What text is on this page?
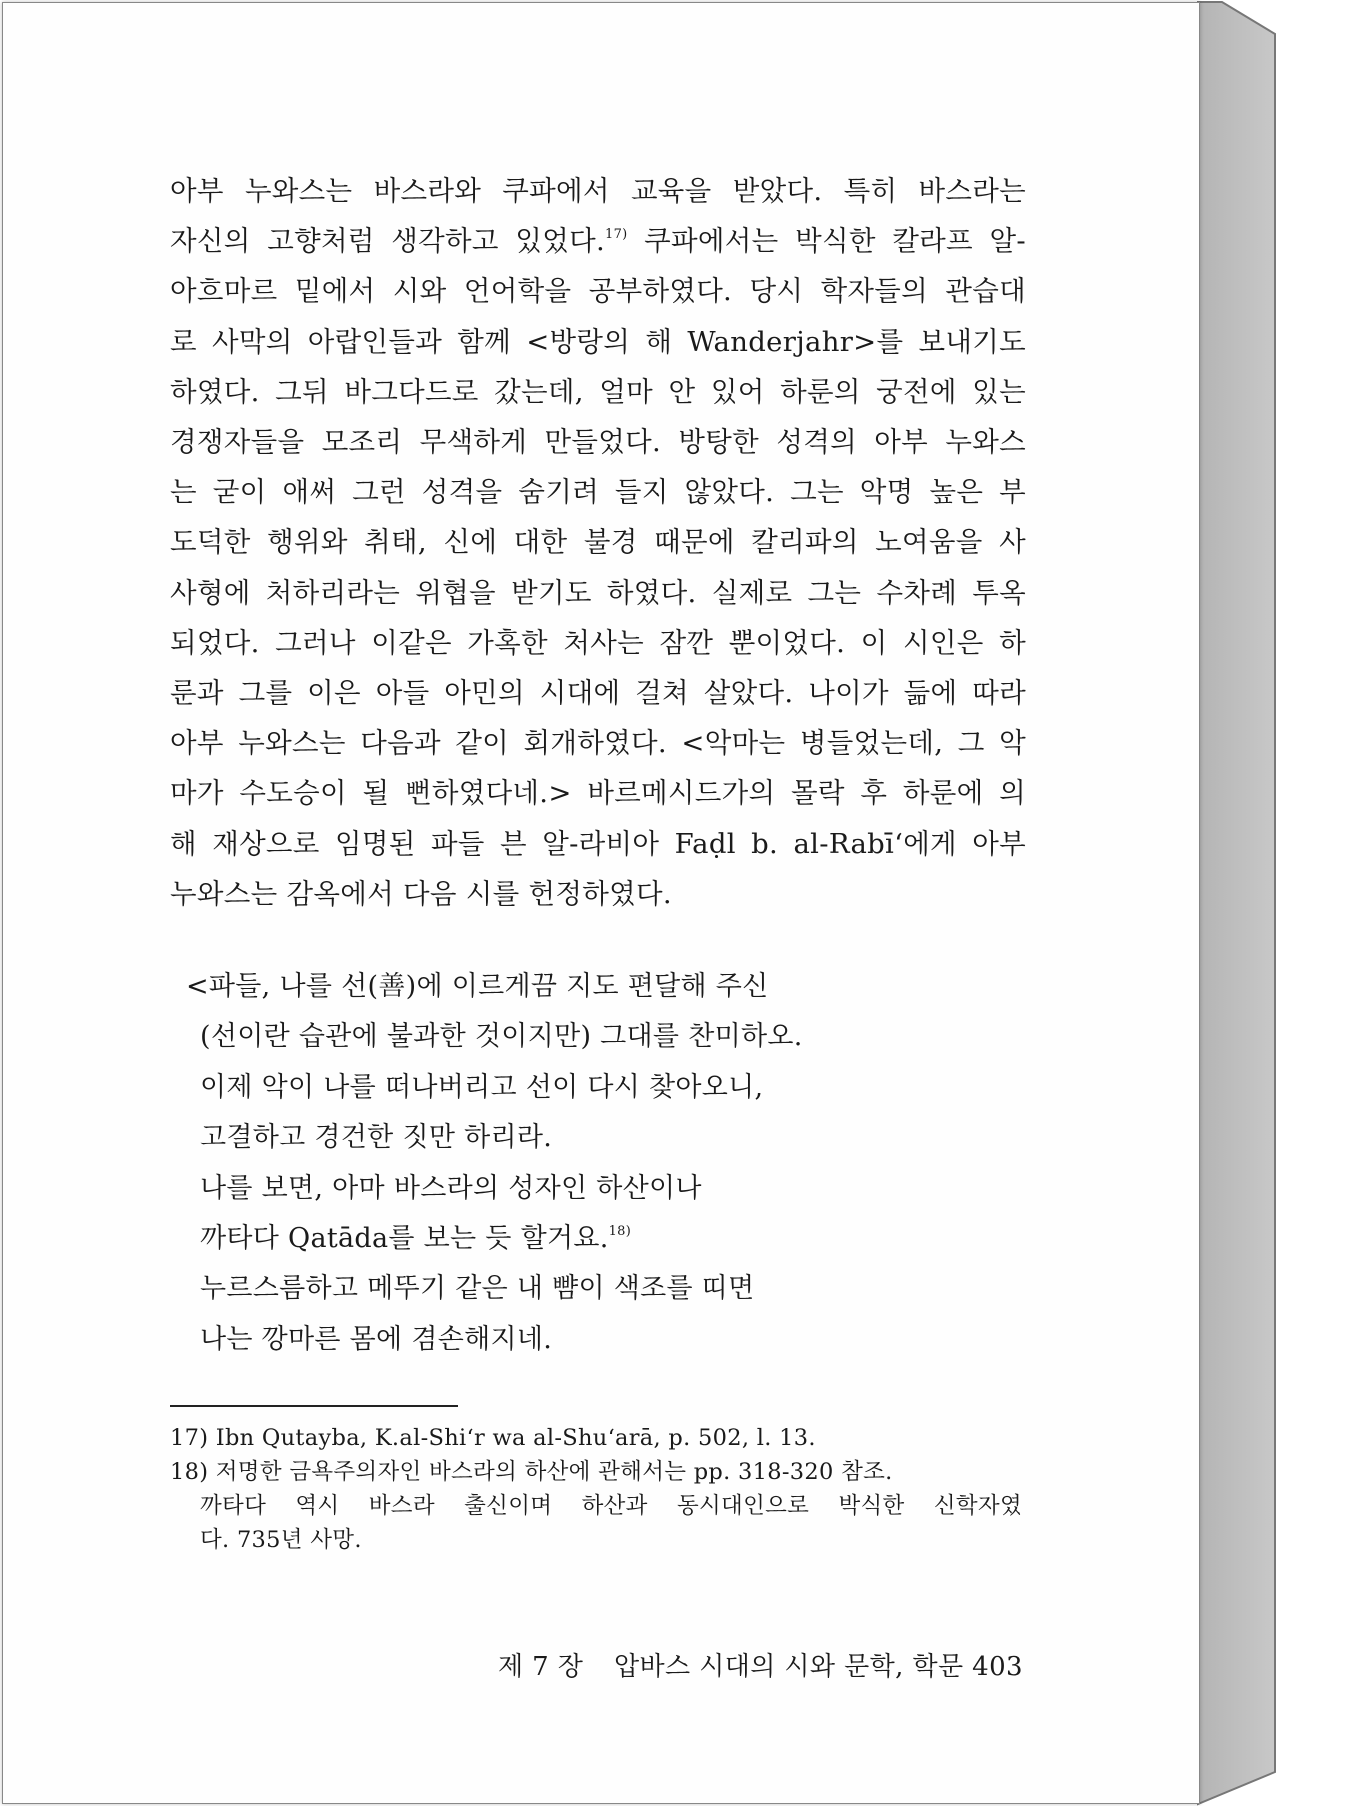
아부 누와스는 바스라와 쿠파에서 교육을 받았다. 특히 바스라는
자신의 고향처럼 생각하고 있었다.$^{17)}$ 쿠파에서는 박식한 칼라프 알-
아흐마르 밑에서 시와 언어학을 공부하였다. 당시 학자들의 관습대
로 사막의 아랍인들과 함께 <방랑의 해 Wanderjahr>를 보내기도
하였다. 그뒤 바그다드로 갔는데, 얼마 안 있어 하룬의 궁전에 있는
경쟁자들을 모조리 무색하게 만들었다. 방탕한 성격의 아부 누와스
는 굳이 애써 그런 성격을 숨기려 들지 않았다. 그는 악명 높은 부
도덕한 행위와 취태, 신에 대한 불경 때문에 칼리파의 노여움을 사
사형에 처하리라는 위협을 받기도 하였다. 실제로 그는 수차례 투옥
되었다. 그러나 이같은 가혹한 처사는 잠깐 뿐이었다. 이 시인은 하
룬과 그를 이은 아들 아민의 시대에 걸쳐 살았다. 나이가 듦에 따라
아부 누와스는 다음과 같이 회개하였다. <악마는 병들었는데, 그 악
마가 수도승이 될 뻔하였다네.> 바르메시드가의 몰락 후 하룬에 의
해 재상으로 임명된 파들 븐 알-라비아 Faḍl b. al-Rabīʻ에게 아부
누와스는 감옥에서 다음 시를 헌정하였다.
<파들, 나를 선(善)에 이르게끔 지도 편달해 주신
(선이란 습관에 불과한 것이지만) 그대를 찬미하오.
이제 악이 나를 떠나버리고 선이 다시 찾아오니,
고결하고 경건한 짓만 하리라.
나를 보면, 아마 바스라의 성자인 하산이나
까타다 Qatāda를 보는 듯 할거요.$^{18)}$
누르스름하고 메뚜기 같은 내 뺨이 색조를 띠면
나는 깡마른 몸에 겸손해지네.
17) Ibn Qutayba, K.al-Shiʻr wa al-Shuʻarā, p. 502, l. 13.
18) 저명한 금욕주의자인 바스라의 하산에 관해서는 pp. 318-320 참조.
까타다 역시 바스라 출신이며 하산과 동시대인으로 박식한 신학자였
다. 735년 사망.
제 7 장 압바스 시대의 시와 문학, 학문 403
